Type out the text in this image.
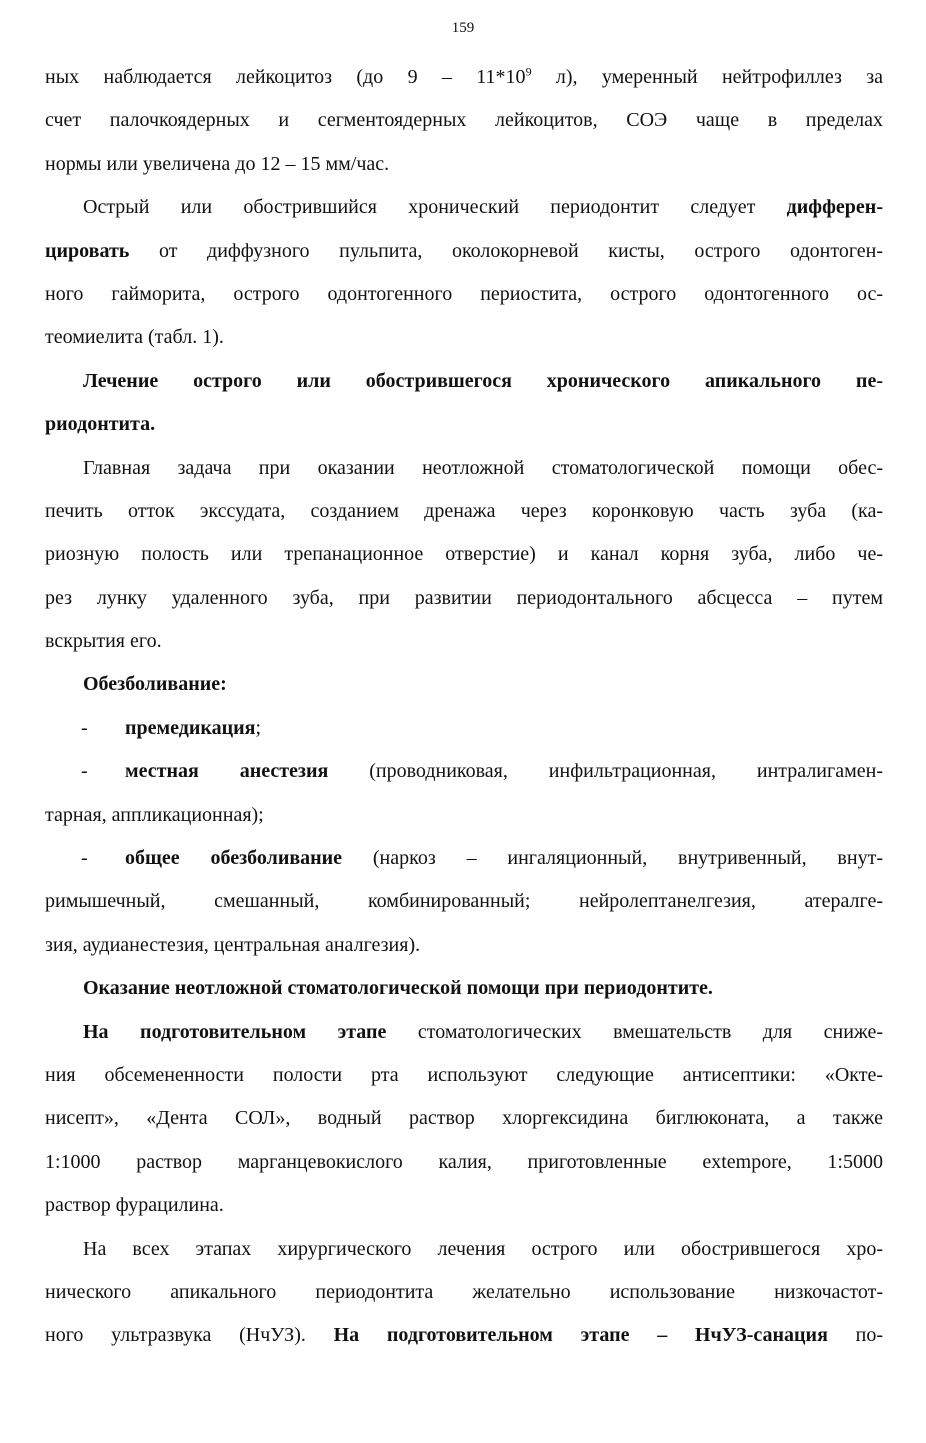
159
ных наблюдается лейкоцитоз (до $9 - 11*10^9$ л), умеренный нейтрофиллез за
счет палочкоядерных и сегментоядерных лейкоцитов, СОЭ чаще в пределах
нормы или увеличена до 12 – 15 мм/час.
Острый или обострившийся хронический периодонтит следует дифферен-
цировать от диффузного пульпита, околокорневой кисты, острого одонтоген-
ного гайморита, острого одонтогенного периостита, острого одонтогенного ос-
теомиелита (табл. 1).
Лечение острого или обострившегося хронического апикального пе-
риодонтита.
Главная задача при оказании неотложной стоматологической помощи обес-
печить отток экссудата, созданием дренажа через коронковую часть зуба (ка-
риозную полость или трепанационное отверстие) и канал корня зуба, либо че-
рез лунку удаленного зуба, при развитии периодонтального абсцесса – путем
вскрытия его.
Обезболивание:
- премедикация;
- местная анестезия (проводниковая, инфильтрационная, интралигамен-
тарная, аппликационная);
- общее обезболивание (наркоз – ингаляционный, внутривенный, внут-
римышечный, смешанный, комбинированный; нейролептанелгезия, атералге-
зия, аудианестезия, центральная аналгезия).
Оказание неотложной стоматологической помощи при периодонтите.
На подготовительном этапе стоматологических вмешательств для сниже-
ния обсемененности полости рта используют следующие антисептики: «Окте-
нисепт», «Дента СОЛ», водный раствор хлоргексидина биглюконата, а также
1:1000 раствор марганцевокислого калия, приготовленные extempore, 1:5000
раствор фурацилина.
На всех этапах хирургического лечения острого или обострившегося хро-
нического апикального периодонтита желательно использование низкочастот-
ного ультразвука (НчУЗ). На подготовительном этапе – НчУЗ-санация по-
